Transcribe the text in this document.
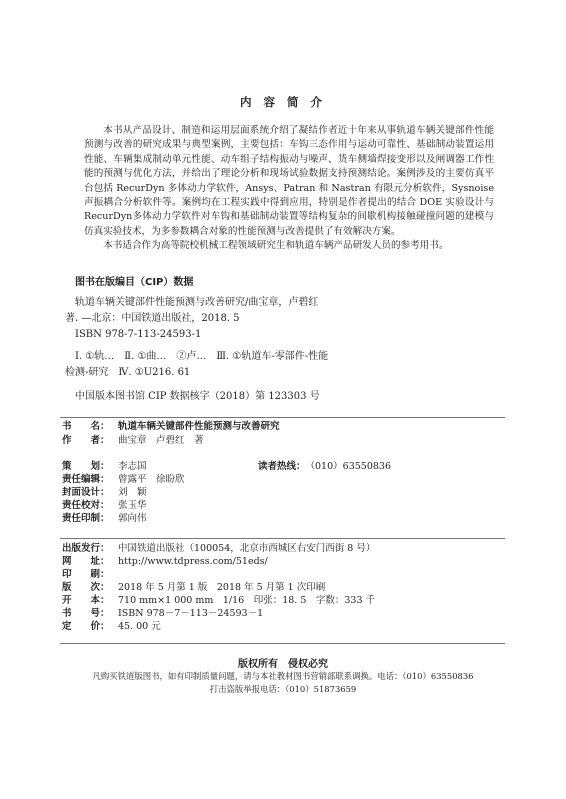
内 容 简 介

本书从产品设计、制造和运用层面系统介绍了凝结作者近十年来从事轨道车辆关键部件性能预测与改善的研究成果与典型案例，主要包括：车钩三态作用与运动可靠性、基础制动装置运用性能、车辆集成制动单元性能、动车组子结构振动与噪声、货车侧墙焊接变形以及闸调器工作性能的预测与优化方法，并给出了理论分析和现场试验数据支持预测结论。案例涉及的主要仿真平台包括 RecurDyn 多体动力学软件，Ansys、Patran 和 Nastran 有限元分析软件，Sysnoise 声振耦合分析软件等。案例均在工程实践中得到应用，特别是作者提出的结合 DOE 实验设计与 RecurDyn多体动力学软件对车钩和基础制动装置等结构复杂的间歇机构接触碰撞问题的建模与仿真实验技术，为多参数耦合对象的性能预测与改善提供了有效解决方案。

本书适合作为高等院校机械工程领域研究生和轨道车辆产品研发人员的参考用书。

图书在版编目（CIP）数据
轨道车辆关键部件性能预测与改善研究/曲宝章，卢碧红
著. —北京：中国铁道出版社，2018. 5
ISBN 978-7-113-24593-1
Ⅰ. ①轨…　Ⅱ. ①曲…　②卢…　Ⅲ. ①轨道车-零部件-性能
检测-研究　Ⅳ. ①U216. 61
中国版本图书馆 CIP 数据核字（2018）第 123303 号
书　　名： 轨道车辆关键部件性能预测与改善研究
作　　者： 曲宝章　卢碧红　著
策　　划： 李志国
责任编辑： 曾露平　徐盼欣
封面设计： 刘　颖
责任校对： 张玉华
责任印制： 郭向伟
读者热线：（010）63550836
出版发行： 中国铁道出版社（100054，北京市西城区右安门西街 8 号）
网　　址： http://www.tdpress.com/51eds/
印　　刷：
版　　次： 2018 年 5 月第 1 版　2018 年 5 月第 1 次印刷
开　　本： 710 mm×1 000 mm　1/16　印张：18. 5　字数：333 千
书　　号： ISBN 978－7－113－24593－1
定　　价： 45. 00 元
版权所有　侵权必究
凡购买铁道版图书，如有印制质量问题，请与本社教材图书营销部联系调换。电话：（010）63550836
打击盗版举报电话：（010）51873659
